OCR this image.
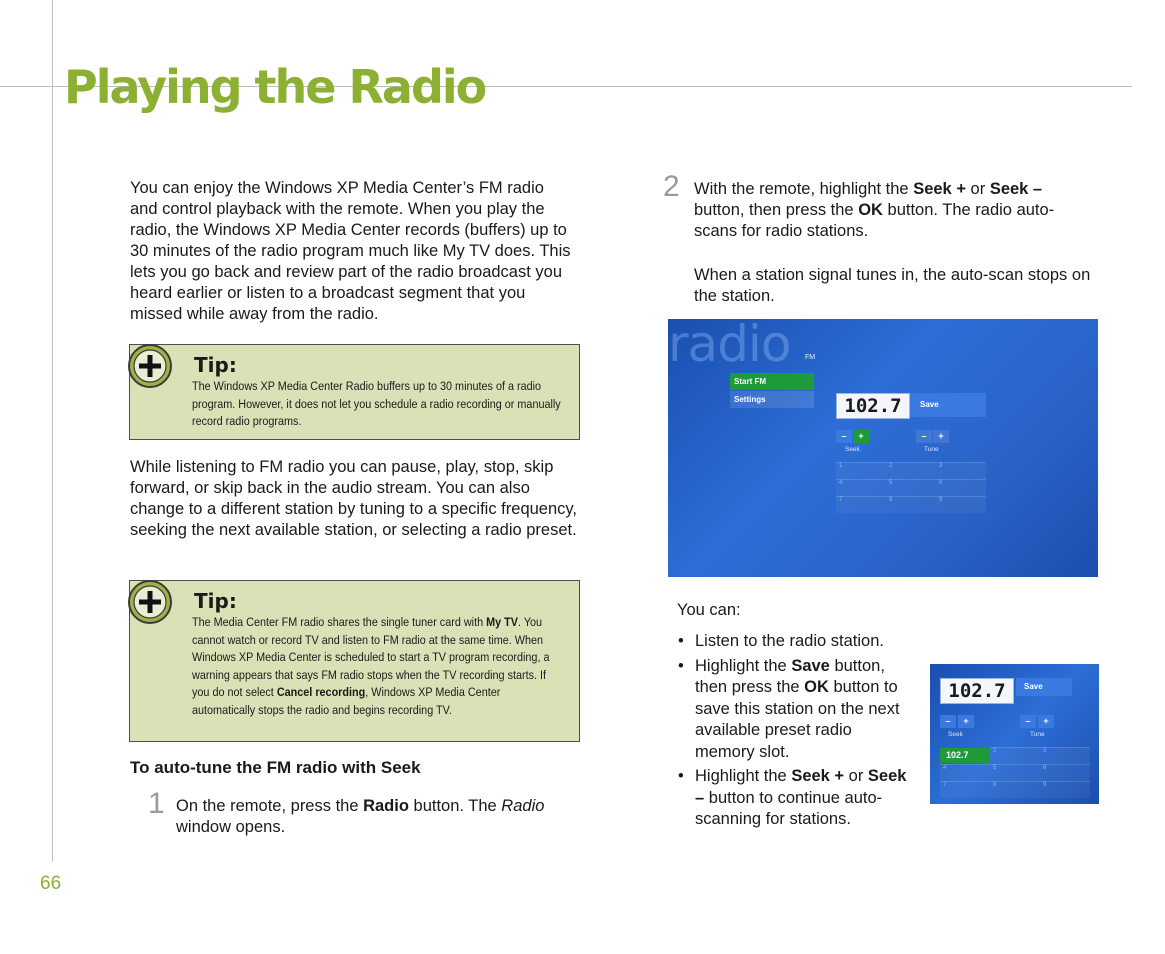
Playing the Radio

You can enjoy the Windows XP Media Center’s FM radio and control playback with the remote. When you play the radio, the Windows XP Media Center records (buffers) up to 30 minutes of the radio program much like My TV does. This lets you go back and review part of the radio broadcast you heard earlier or listen to a broadcast segment that you missed while away from the radio.

Tip:
The Windows XP Media Center Radio buffers up to 30 minutes of a radio program. However, it does not let you schedule a radio recording or manually record radio programs.

While listening to FM radio you can pause, play, stop, skip forward, or skip back in the audio stream. You can also change to a different station by tuning to a specific frequency, seeking the next available station, or selecting a radio preset.

Tip:
The Media Center FM radio shares the single tuner card with My TV. You cannot watch or record TV and listen to FM radio at the same time. When Windows XP Media Center is scheduled to start a TV program recording, a warning appears that says FM radio stops when the TV recording starts. If you do not select Cancel recording, Windows XP Media Center automatically stops the radio and begins recording TV.
To auto-tune the FM radio with Seek
1 On the remote, press the Radio button. The Radio window opens.
2 With the remote, highlight the Seek + or Seek – button, then press the OK button. The radio auto-scans for radio stations.
When a station signal tunes in, the auto-scan stops on the station.
radio FM
Start FM
Settings	102.7	Save
–	+	–	+
Seek	Tune
1	2	3
4	5	6
7	8	9
You can:
• Listen to the radio station.
• Highlight the Save button, then press the OK button to save this station on the next available preset radio memory slot.
• Highlight the Seek + or Seek – button to continue auto-scanning for stations.
102.7	Save
–	+	–	+
Seek	Tune
102.7	2	3
4	5	6
7	8	9
66
